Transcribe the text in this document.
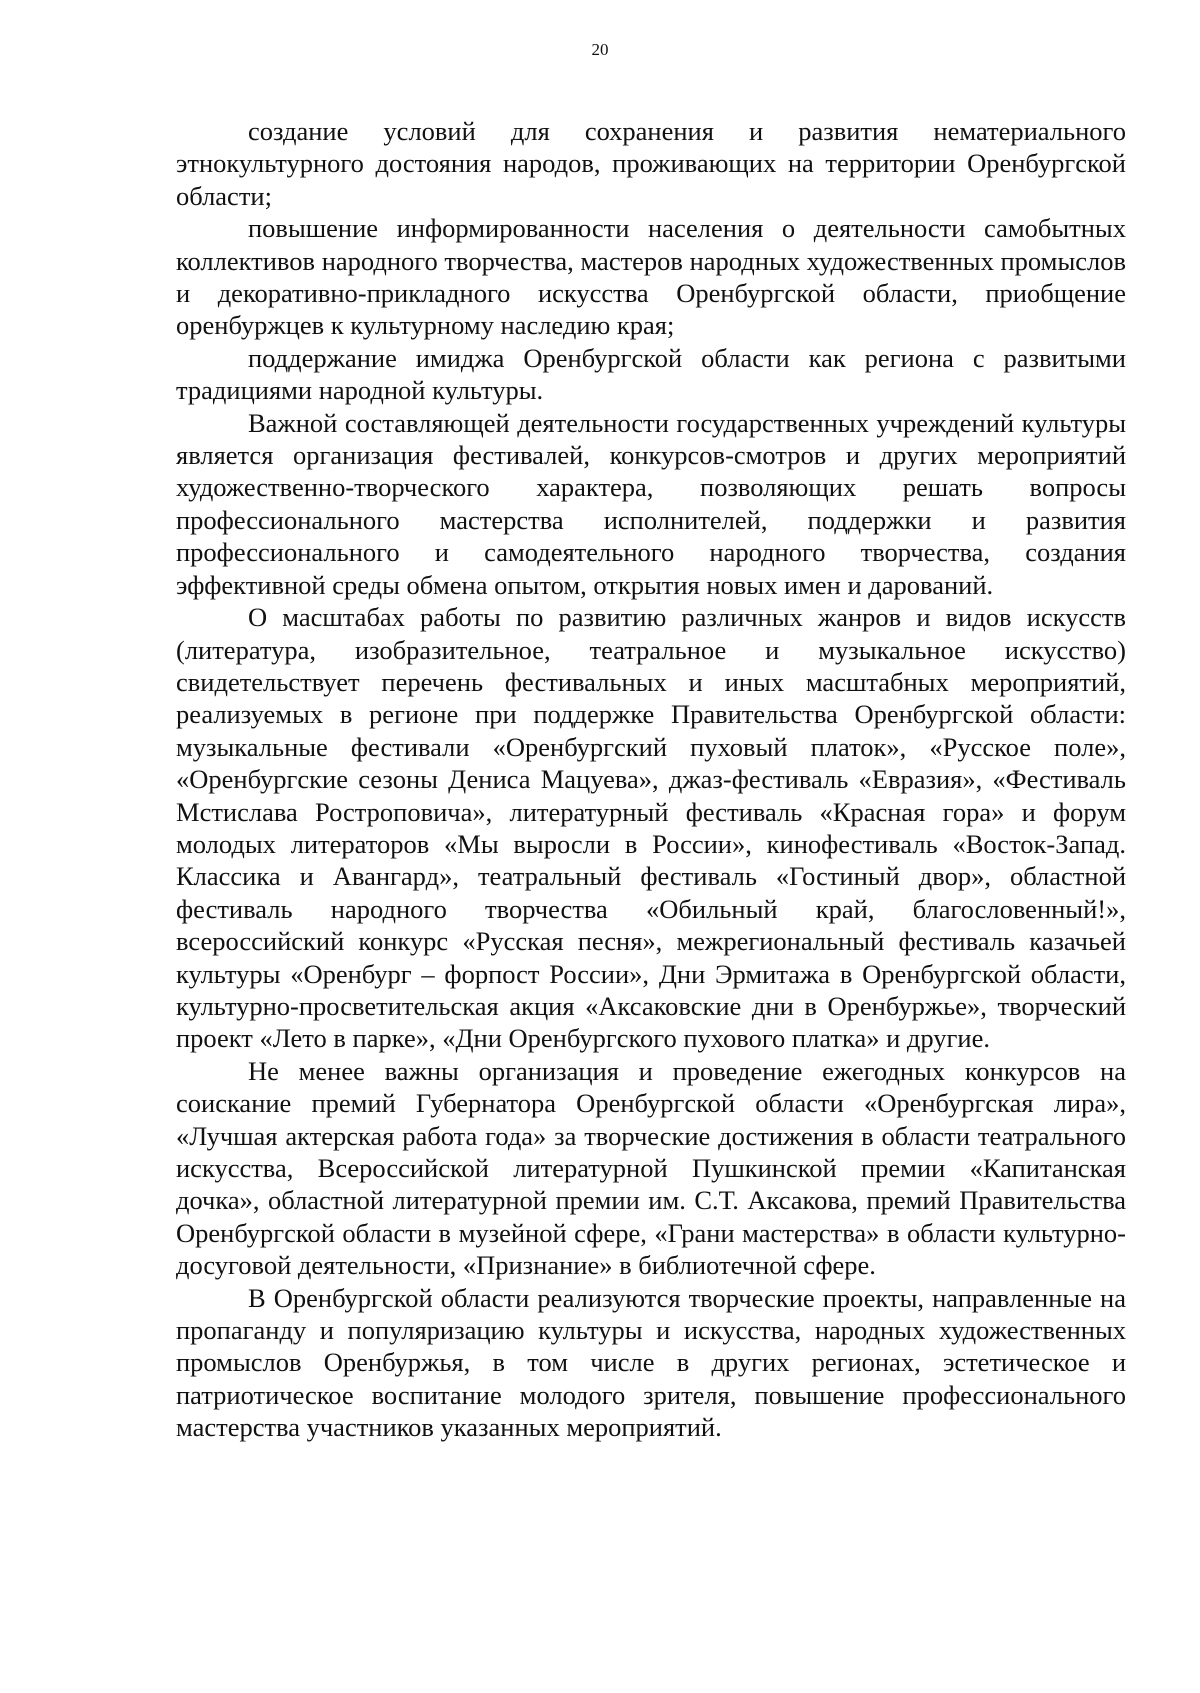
20

создание условий для сохранения и развития нематериального этнокультурного достояния народов, проживающих на территории Оренбургской области;

повышение информированности населения о деятельности самобытных коллективов народного творчества, мастеров народных художественных промыслов и декоративно-прикладного искусства Оренбургской области, приобщение оренбуржцев к культурному наследию края;

поддержание имиджа Оренбургской области как региона с развитыми традициями народной культуры.

Важной составляющей деятельности государственных учреждений культуры является организация фестивалей, конкурсов-смотров и других мероприятий художественно-творческого характера, позволяющих решать вопросы профессионального мастерства исполнителей, поддержки и развития профессионального и самодеятельного народного творчества, создания эффективной среды обмена опытом, открытия новых имен и дарований.

О масштабах работы по развитию различных жанров и видов искусств (литература, изобразительное, театральное и музыкальное искусство) свидетельствует перечень фестивальных и иных масштабных мероприятий, реализуемых в регионе при поддержке Правительства Оренбургской области: музыкальные фестивали «Оренбургский пуховый платок», «Русское поле», «Оренбургские сезоны Дениса Мацуева», джаз-фестиваль «Евразия», «Фестиваль Мстислава Ростроповича», литературный фестиваль «Красная гора» и форум молодых литераторов «Мы выросли в России», кинофестиваль «Восток-Запад. Классика и Авангард», театральный фестиваль «Гостиный двор», областной фестиваль народного творчества «Обильный край, благословенный!», всероссийский конкурс «Русская песня», межрегиональный фестиваль казачьей культуры «Оренбург – форпост России», Дни Эрмитажа в Оренбургской области, культурно-просветительская акция «Аксаковские дни в Оренбуржье», творческий проект «Лето в парке», «Дни Оренбургского пухового платка» и другие.

Не менее важны организация и проведение ежегодных конкурсов на соискание премий Губернатора Оренбургской области «Оренбургская лира», «Лучшая актерская работа года» за творческие достижения в области театрального искусства, Всероссийской литературной Пушкинской премии «Капитанская дочка», областной литературной премии им. С.Т. Аксакова, премий Правительства Оренбургской области в музейной сфере, «Грани мастерства» в области культурно-досуговой деятельности, «Признание» в библиотечной сфере.

В Оренбургской области реализуются творческие проекты, направленные на пропаганду и популяризацию культуры и искусства, народных художественных промыслов Оренбуржья, в том числе в других регионах, эстетическое и патриотическое воспитание молодого зрителя, повышение профессионального мастерства участников указанных мероприятий.
